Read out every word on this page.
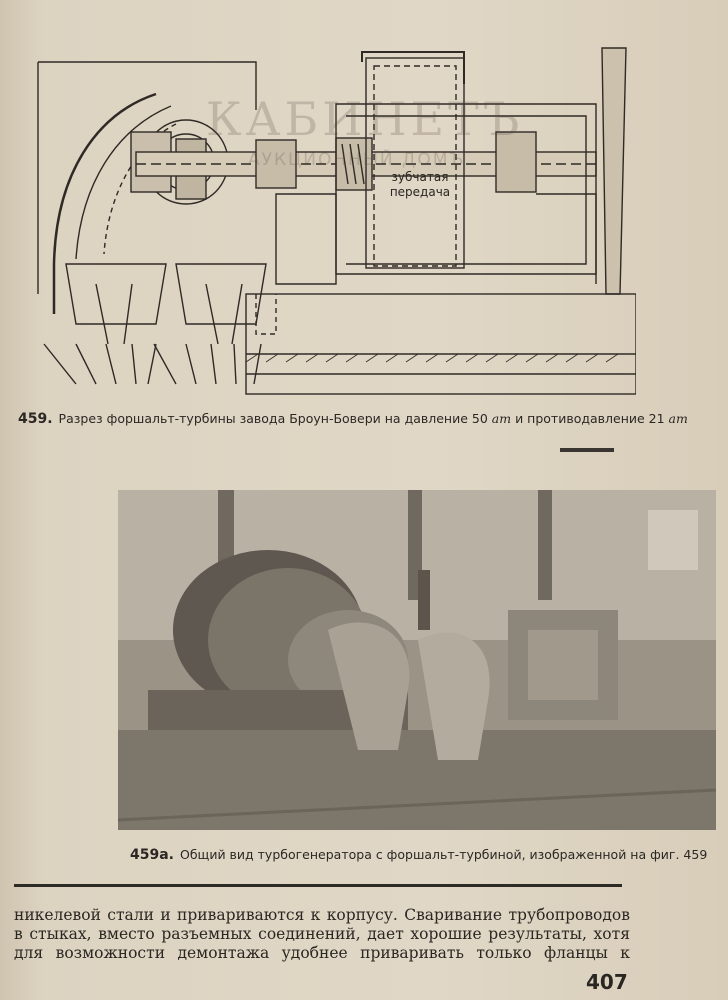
КАБИНЕТЪ
АУКЦИОННЫЙ ДОМЪ
зубчатая
передача
459. Разрез форшальт-турбины завода Броун-Бовери на давление 50 ат и противодавление 21 ат
459а. Общий вид турбогенератора с форшальт-турбиной, изображенной на фиг. 459
никелевой стали и привариваются к корпусу. Сваривание трубопроводов
в стыках, вместо разъемных соединений, дает хорошие результаты, хотя
для возможности демонтажа удобнее приваривать только фланцы к
407
